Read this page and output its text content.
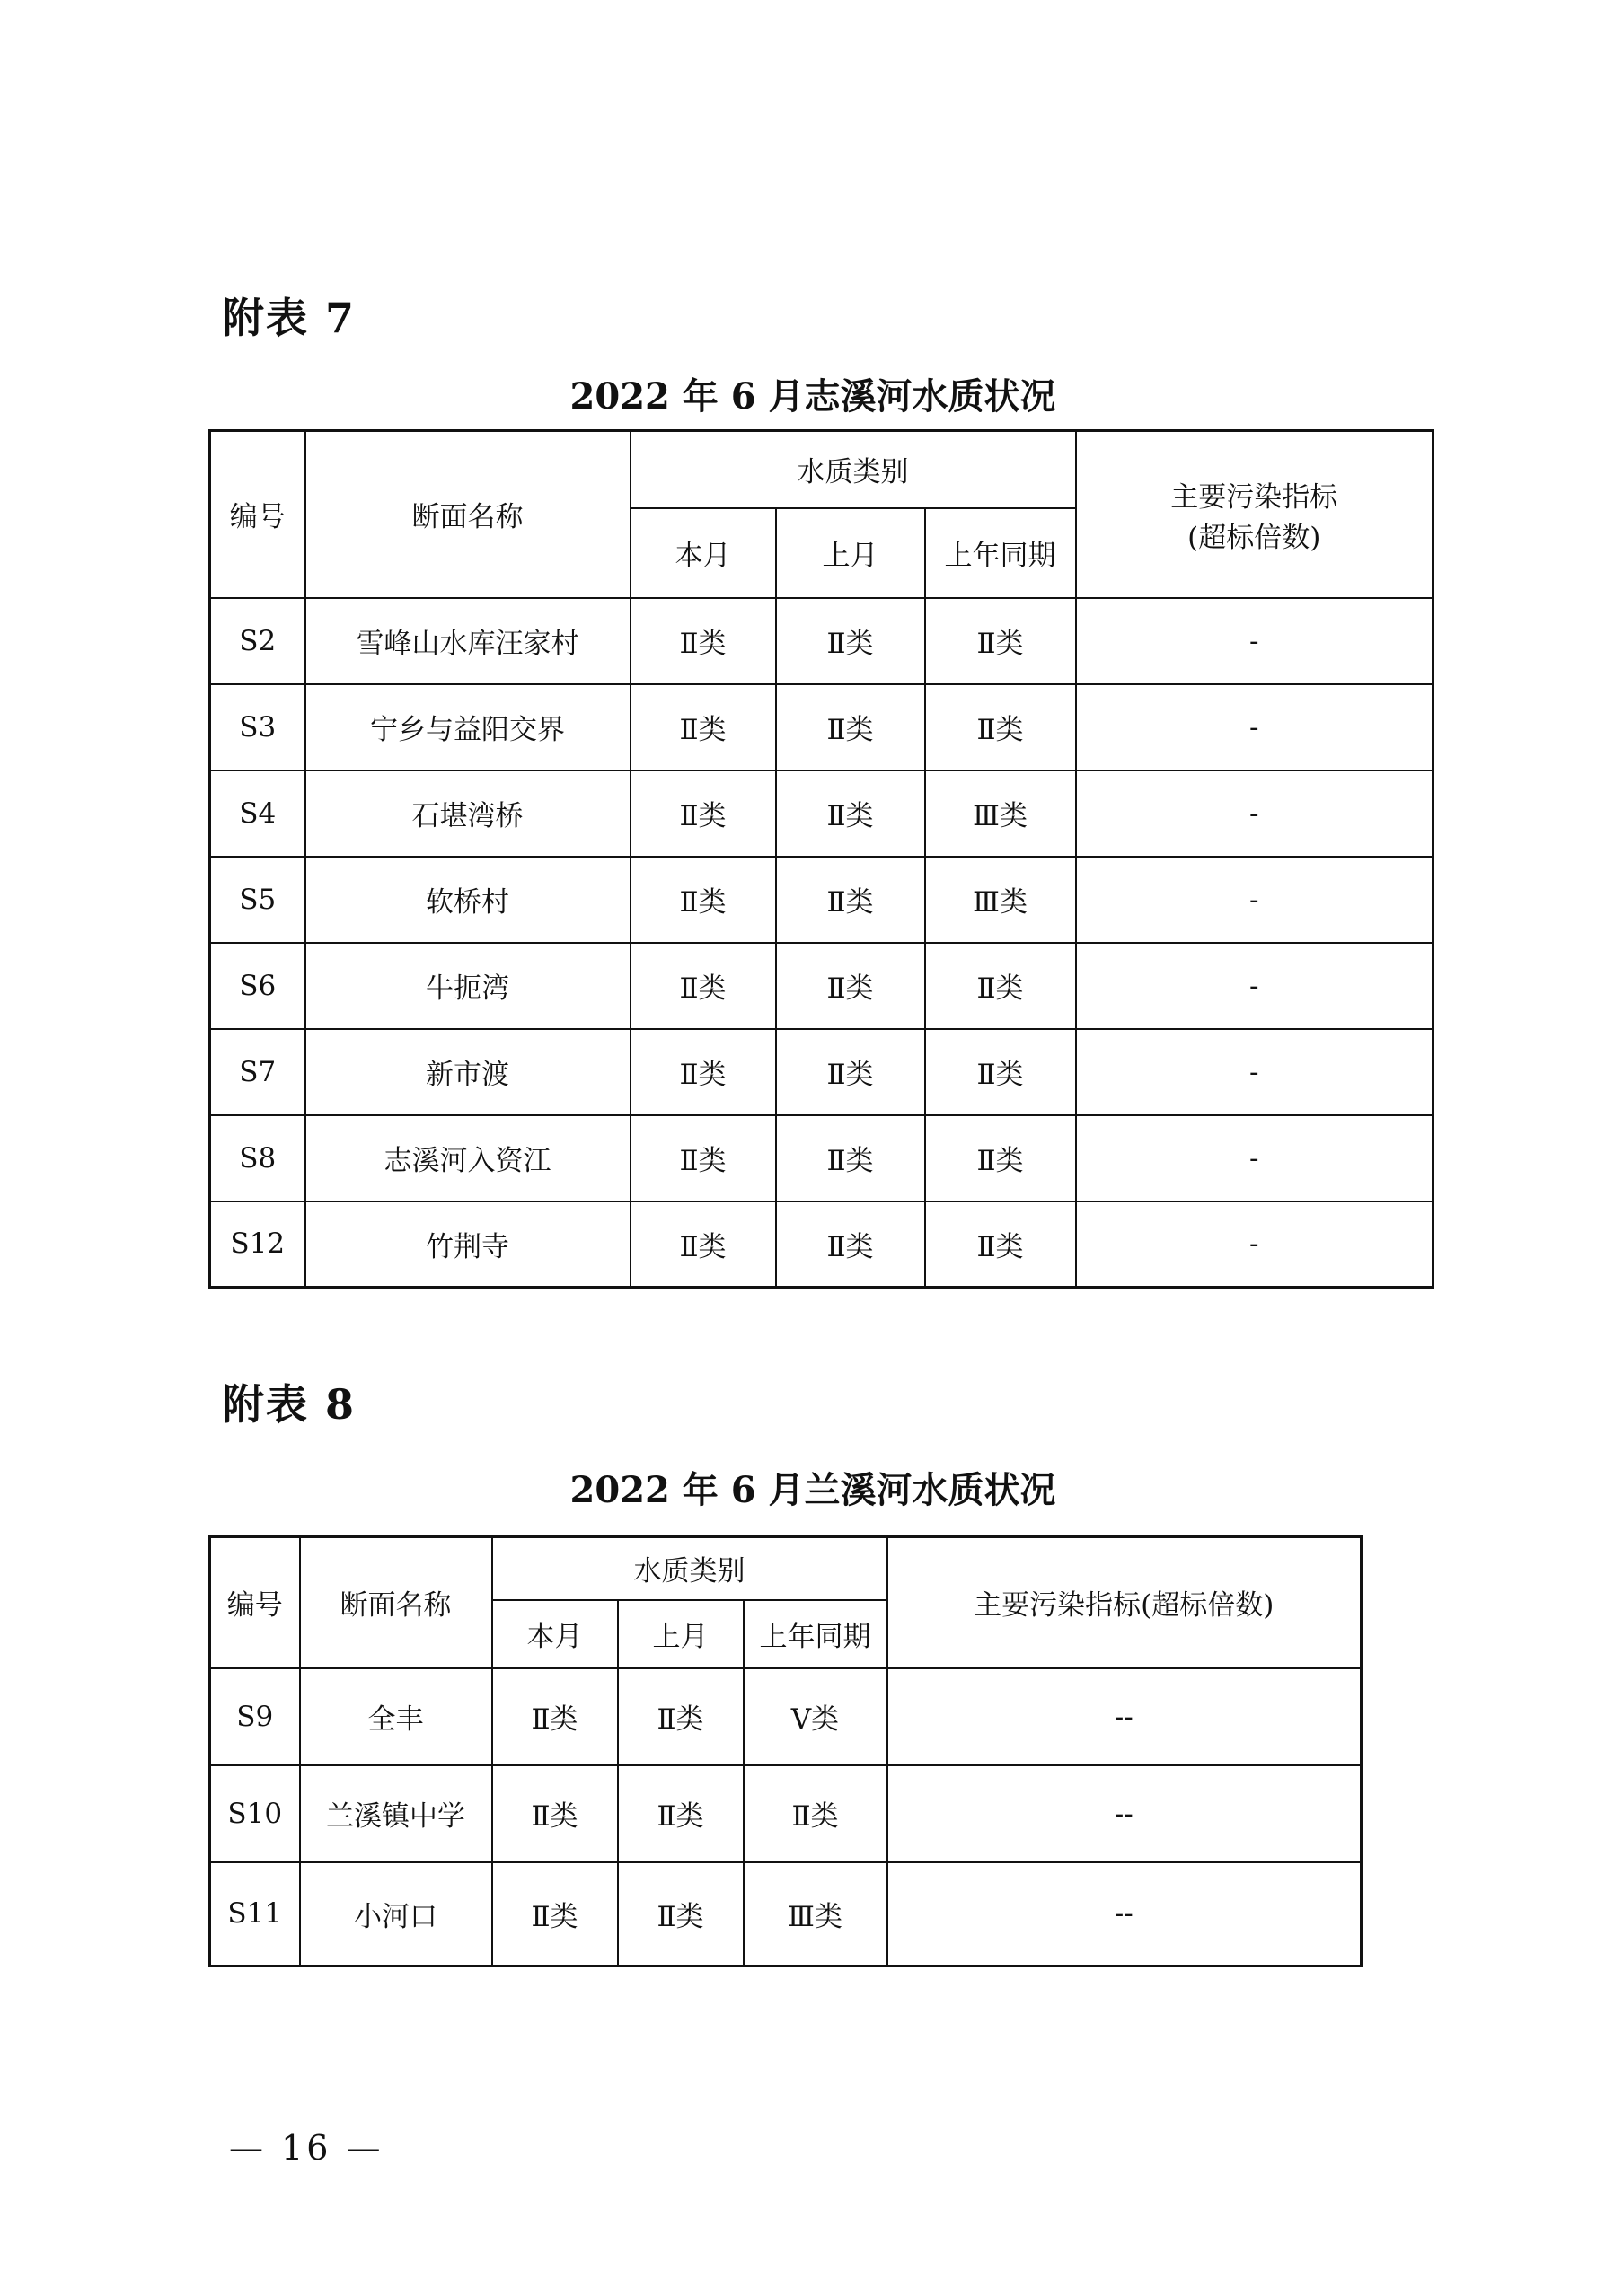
附表 7
2022 年 6 月志溪河水质状况
编号	断面名称	水质类别			主要污染指标
(超标倍数)

		本月	上月	上年同期	
S2	雪峰山水库汪家村	Ⅱ类	Ⅱ类	Ⅱ类	-
S3	宁乡与益阳交界	Ⅱ类	Ⅱ类	Ⅱ类	-
S4	石堪湾桥	Ⅱ类	Ⅱ类	Ⅲ类	-
S5	软桥村	Ⅱ类	Ⅱ类	Ⅲ类	-
S6	牛扼湾	Ⅱ类	Ⅱ类	Ⅱ类	-
S7	新市渡	Ⅱ类	Ⅱ类	Ⅱ类	-
S8	志溪河入资江	Ⅱ类	Ⅱ类	Ⅱ类	-
S12	竹荆寺	Ⅱ类	Ⅱ类	Ⅱ类	-
附表 8
2022 年 6 月兰溪河水质状况
编号	断面名称	水质类别			主要污染指标(超标倍数)
		本月	上月	上年同期	
S9	全丰	Ⅱ类	Ⅱ类	Ⅴ类	--
S10	兰溪镇中学	Ⅱ类	Ⅱ类	Ⅱ类	--
S11	小河口	Ⅱ类	Ⅱ类	Ⅲ类	--
— 16 —
